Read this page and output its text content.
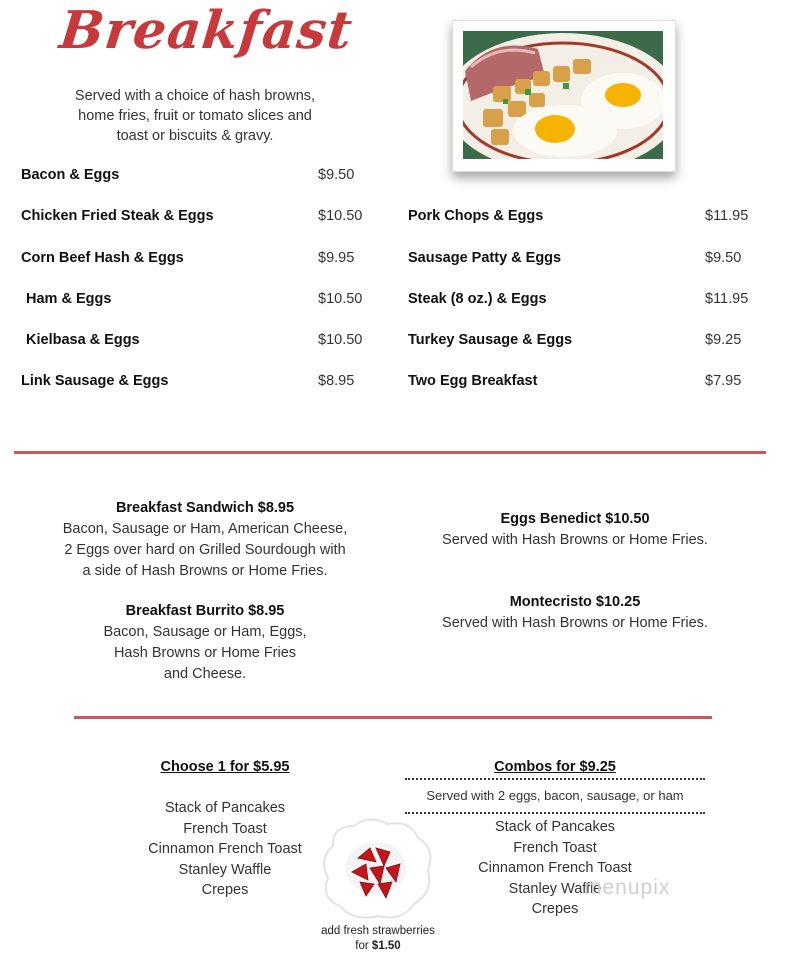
Breakfast
Served with a choice of hash browns,
home fries, fruit or tomato slices and
toast or biscuits & gravy.
Bacon & Eggs	$9.50
Chicken Fried Steak & Eggs	$10.50
Corn Beef Hash & Eggs	$9.95
Ham & Eggs	$10.50
Kielbasa & Eggs	$10.50
Link Sausage & Eggs	$8.95
Pork Chops & Eggs	$11.95
Sausage Patty & Eggs	$9.50
Steak (8 oz.) & Eggs	$11.95
Turkey Sausage & Eggs	$9.25
Two Egg Breakfast	$7.95
Breakfast Sandwich $8.95
Bacon, Sausage or Ham, American Cheese,
2 Eggs over hard on Grilled Sourdough with
a side of Hash Browns or Home Fries.
Breakfast Burrito $8.95
Bacon, Sausage or Ham, Eggs,
Hash Browns or Home Fries
and Cheese.
Eggs Benedict $10.50
Served with Hash Browns or Home Fries.
Montecristo $10.25
Served with Hash Browns or Home Fries.
Choose 1 for $5.95
Stack of Pancakes
French Toast
Cinnamon French Toast
Stanley Waffle
Crepes
Combos for $9.25
Served with 2 eggs, bacon, sausage, or ham
Stack of Pancakes
French Toast
Cinnamon French Toast
Stanley Waffle
Crepes
add fresh strawberries
for $1.50
menupix
